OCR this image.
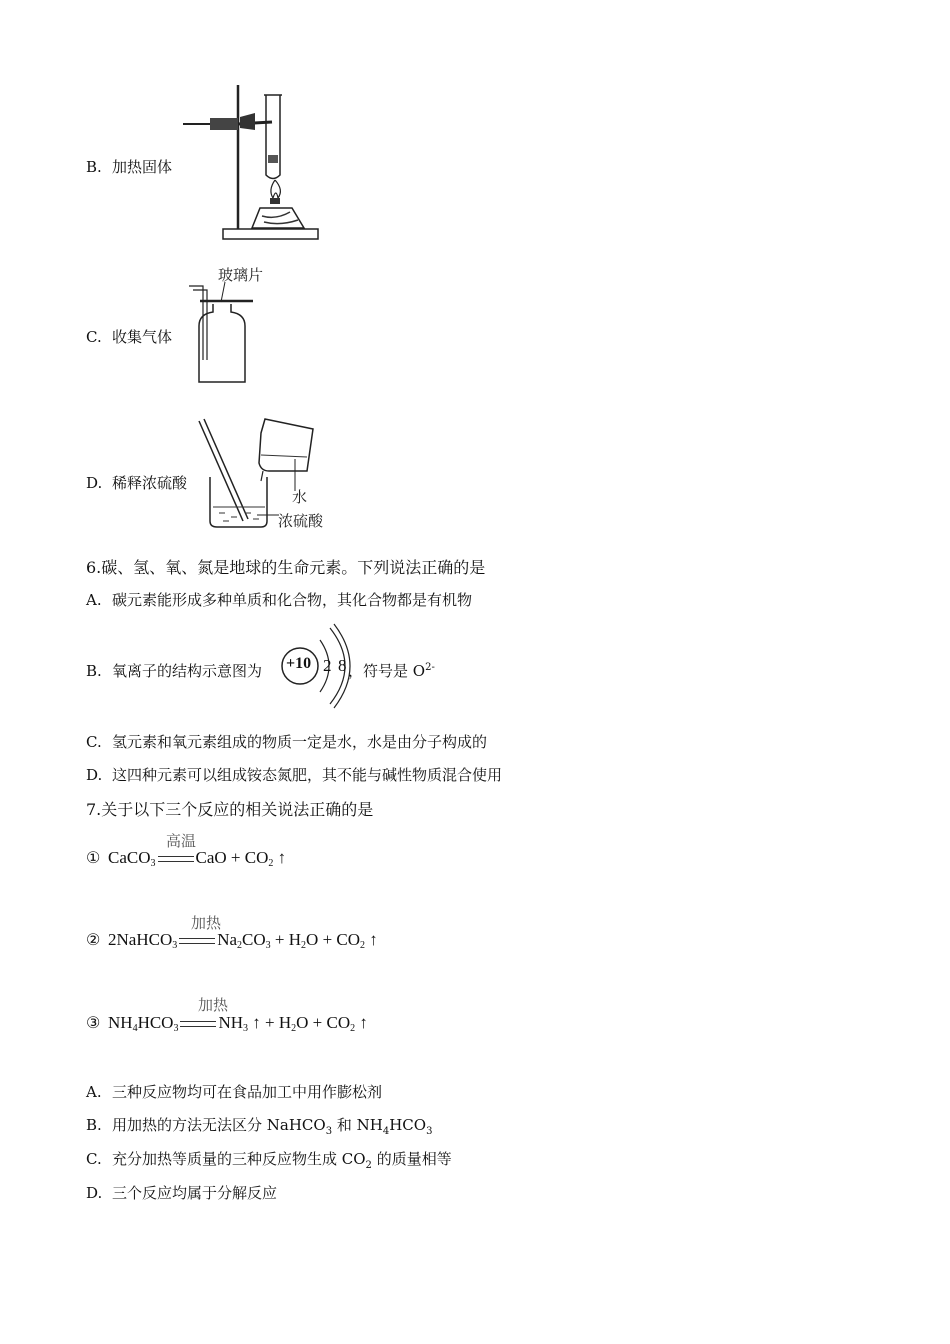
B. 加热固体
C. 收集气体
玻璃片
D. 稀释浓硫酸
水
浓硫酸
6.碳、氢、氧、氮是地球的生命元素。下列说法正确的是
A. 碳元素能形成多种单质和化合物，其化合物都是有机物
B. 氧离子的结构示意图为	，符号是 $O^{2-}$
+10 2 8
C. 氢元素和氧元素组成的物质一定是水，水是由分子构成的
D. 这四种元素可以组成铵态氮肥，其不能与碱性物质混合使用
7.关于以下三个反应的相关说法正确的是
高温
① CaCO$_3$ CaO + $CO_2$ ↑
加热
② 2NaHCO$_3$ $Na_2CO_3 + H_2O + CO_2$ ↑
加热
③ $NH_4HCO_3$ $NH_3$ ↑ + $H_2O + CO_2$ ↑
A. 三种反应物均可在食品加工中用作膨松剂
B. 用加热的方法无法区分 NaHCO$_3$ 和 $NH_4HCO_3$
C. 充分加热等质量的三种反应物生成 $CO_2$ 的质量相等
D. 三个反应均属于分解反应
